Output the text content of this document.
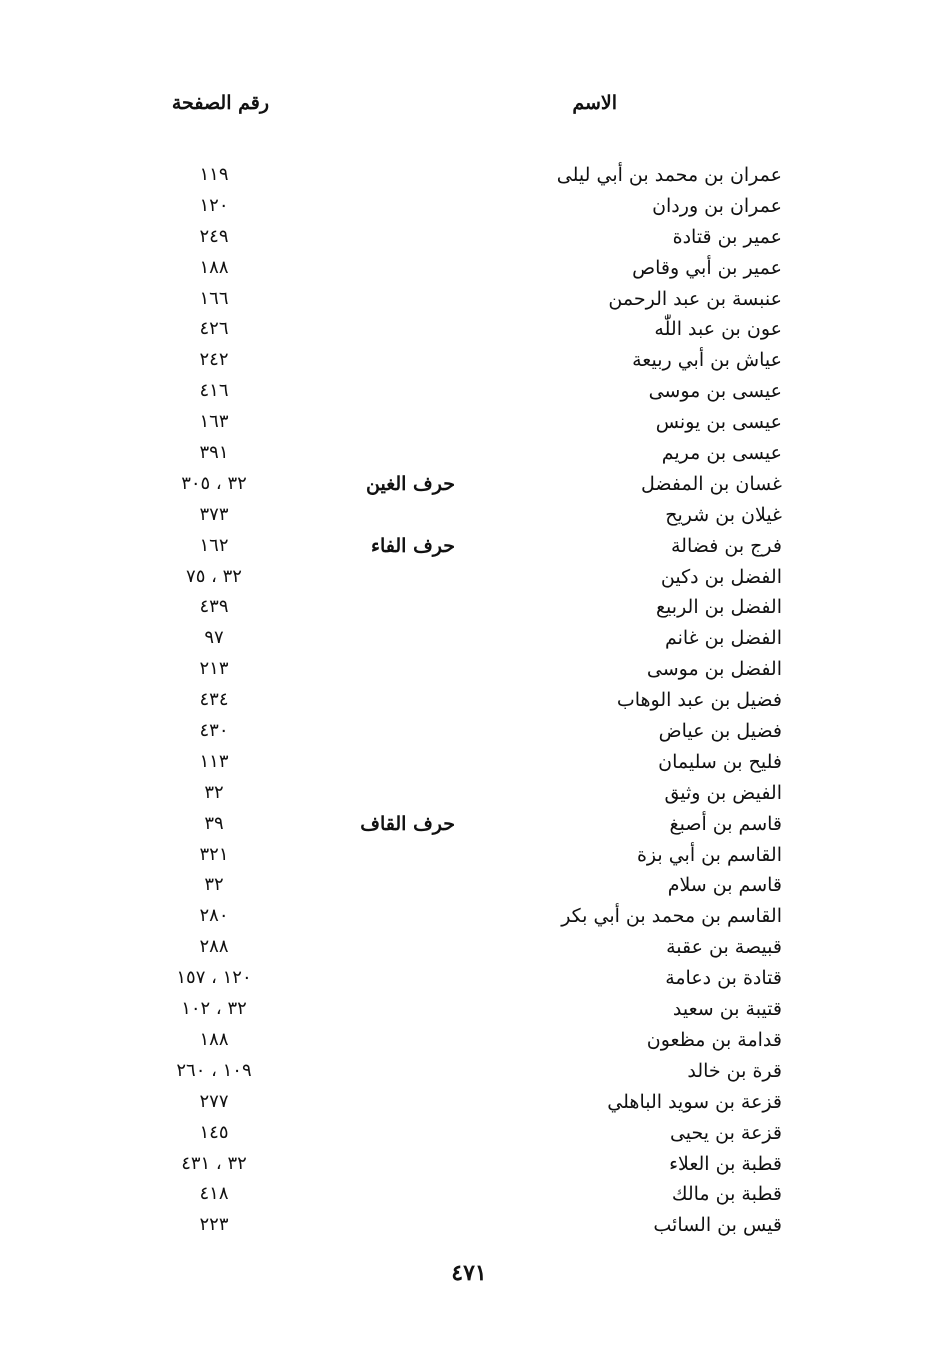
الاسم
رقم الصفحة
عمران بن محمد بن أبي ليلى
١١٩
عمران بن وردان
١٢٠
عمير بن قتادة
٢٤٩
عمير بن أبي وقاص
١٨٨
عنبسة بن عبد الرحمن
١٦٦
عون بن عبد اللّٰه
٤٢٦
عياش بن أبي ربيعة
٢٤٢
عيسى بن موسى
٤١٦
عيسى بن يونس
١٦٣
عيسى بن مريم
٣٩١
غسان بن المفضل
حرف الغين
٣٢ ، ٣٠٥
غيلان بن شريح
٣٧٣
فرج بن فضالة
حرف الفاء
١٦٢
الفضل بن دكين
٣٢ ، ٧٥
الفضل بن الربيع
٤٣٩
الفضل بن غانم
٩٧
الفضل بن موسى
٢١٣
فضيل بن عبد الوهاب
٤٣٤
فضيل بن عياض
٤٣٠
فليح بن سليمان
١١٣
الفيض بن وثيق
٣٢
قاسم بن أصبغ
حرف القاف
٣٩
القاسم بن أبي بزة
٣٢١
قاسم بن سلام
٣٢
القاسم بن محمد بن أبي بكر
٢٨٠
قبيصة بن عقبة
٢٨٨
قتادة بن دعامة
١٢٠ ، ١٥٧
قتيبة بن سعيد
٣٢ ، ١٠٢
قدامة بن مظعون
١٨٨
قرة بن خالد
١٠٩ ، ٢٦٠
قزعة بن سويد الباهلي
٢٧٧
قزعة بن يحيى
١٤٥
قطبة بن العلاء
٣٢ ، ٤٣١
قطبة بن مالك
٤١٨
قيس بن السائب
٢٢٣
٤٧١
